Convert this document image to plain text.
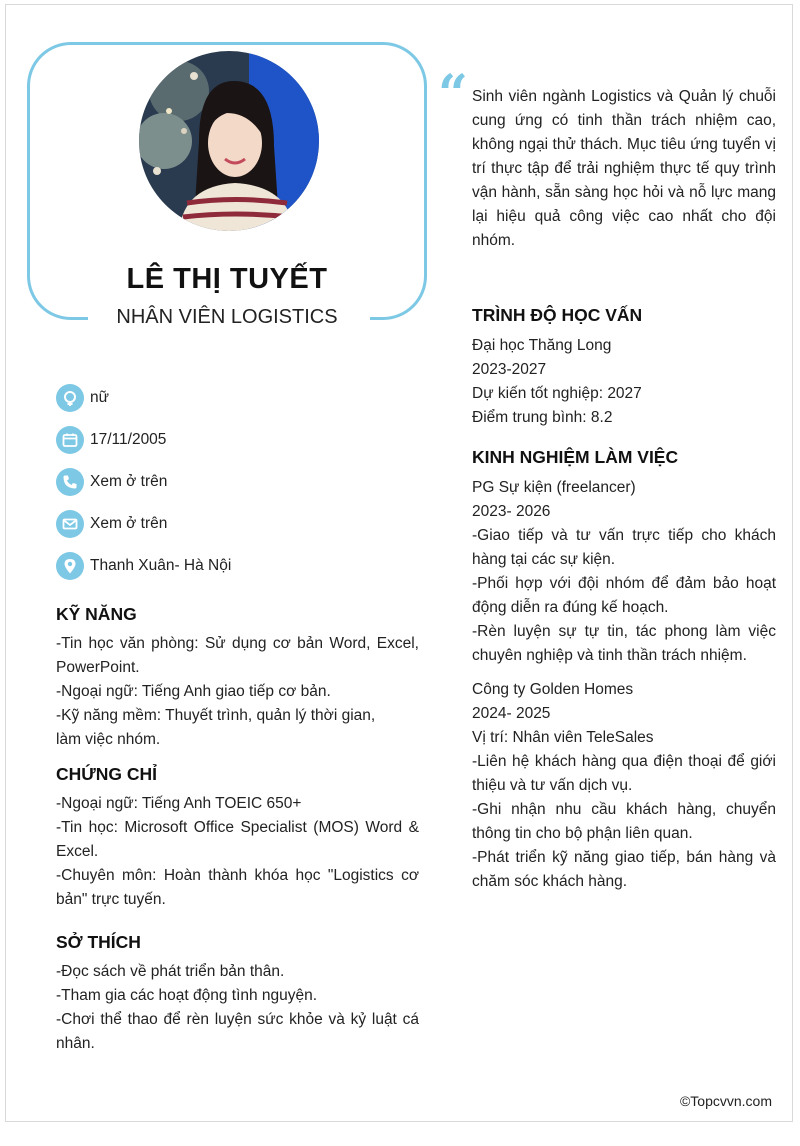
LÊ THỊ TUYẾT
NHÂN VIÊN LOGISTICS
“ Sinh viên ngành Logistics và Quản lý chuỗi cung ứng có tinh thần trách nhiệm cao, không ngại thử thách. Mục tiêu ứng tuyển vị trí thực tập để trải nghiệm thực tế quy trình vận hành, sẵn sàng học hỏi và nỗ lực mang lại hiệu quả công việc cao nhất cho đội nhóm.

nữ
17/11/2005
Xem ở trên
Xem ở trên
Thanh Xuân- Hà Nội
KỸ NĂNG

-Tin học văn phòng: Sử dụng cơ bản Word, Excel, PowerPoint.

-Ngoại ngữ: Tiếng Anh giao tiếp cơ bản.

-Kỹ năng mềm: Thuyết trình, quản lý thời gian, làm việc nhóm.

CHỨNG CHỈ

-Ngoại ngữ: Tiếng Anh TOEIC 650+

-Tin học: Microsoft Office Specialist (MOS) Word & Excel.

-Chuyên môn: Hoàn thành khóa học "Logistics cơ bản" trực tuyến.

SỞ THÍCH

-Đọc sách về phát triển bản thân.

-Tham gia các hoạt động tình nguyện.

-Chơi thể thao để rèn luyện sức khỏe và kỷ luật cá nhân.

TRÌNH ĐỘ HỌC VẤN

Đại học Thăng Long

2023-2027

Dự kiến tốt nghiệp: 2027

Điểm trung bình: 8.2

KINH NGHIỆM LÀM VIỆC

PG Sự kiện (freelancer)

2023- 2026

-Giao tiếp và tư vấn trực tiếp cho khách hàng tại các sự kiện.

-Phối hợp với đội nhóm để đảm bảo hoạt động diễn ra đúng kế hoạch.

-Rèn luyện sự tự tin, tác phong làm việc chuyên nghiệp và tinh thần trách nhiệm.

Công ty Golden Homes

2024- 2025

Vị trí: Nhân viên TeleSales

-Liên hệ khách hàng qua điện thoại để giới thiệu và tư vấn dịch vụ.

-Ghi nhận nhu cầu khách hàng, chuyển thông tin cho bộ phận liên quan.

-Phát triển kỹ năng giao tiếp, bán hàng và chăm sóc khách hàng.

©Topcvvn.com
